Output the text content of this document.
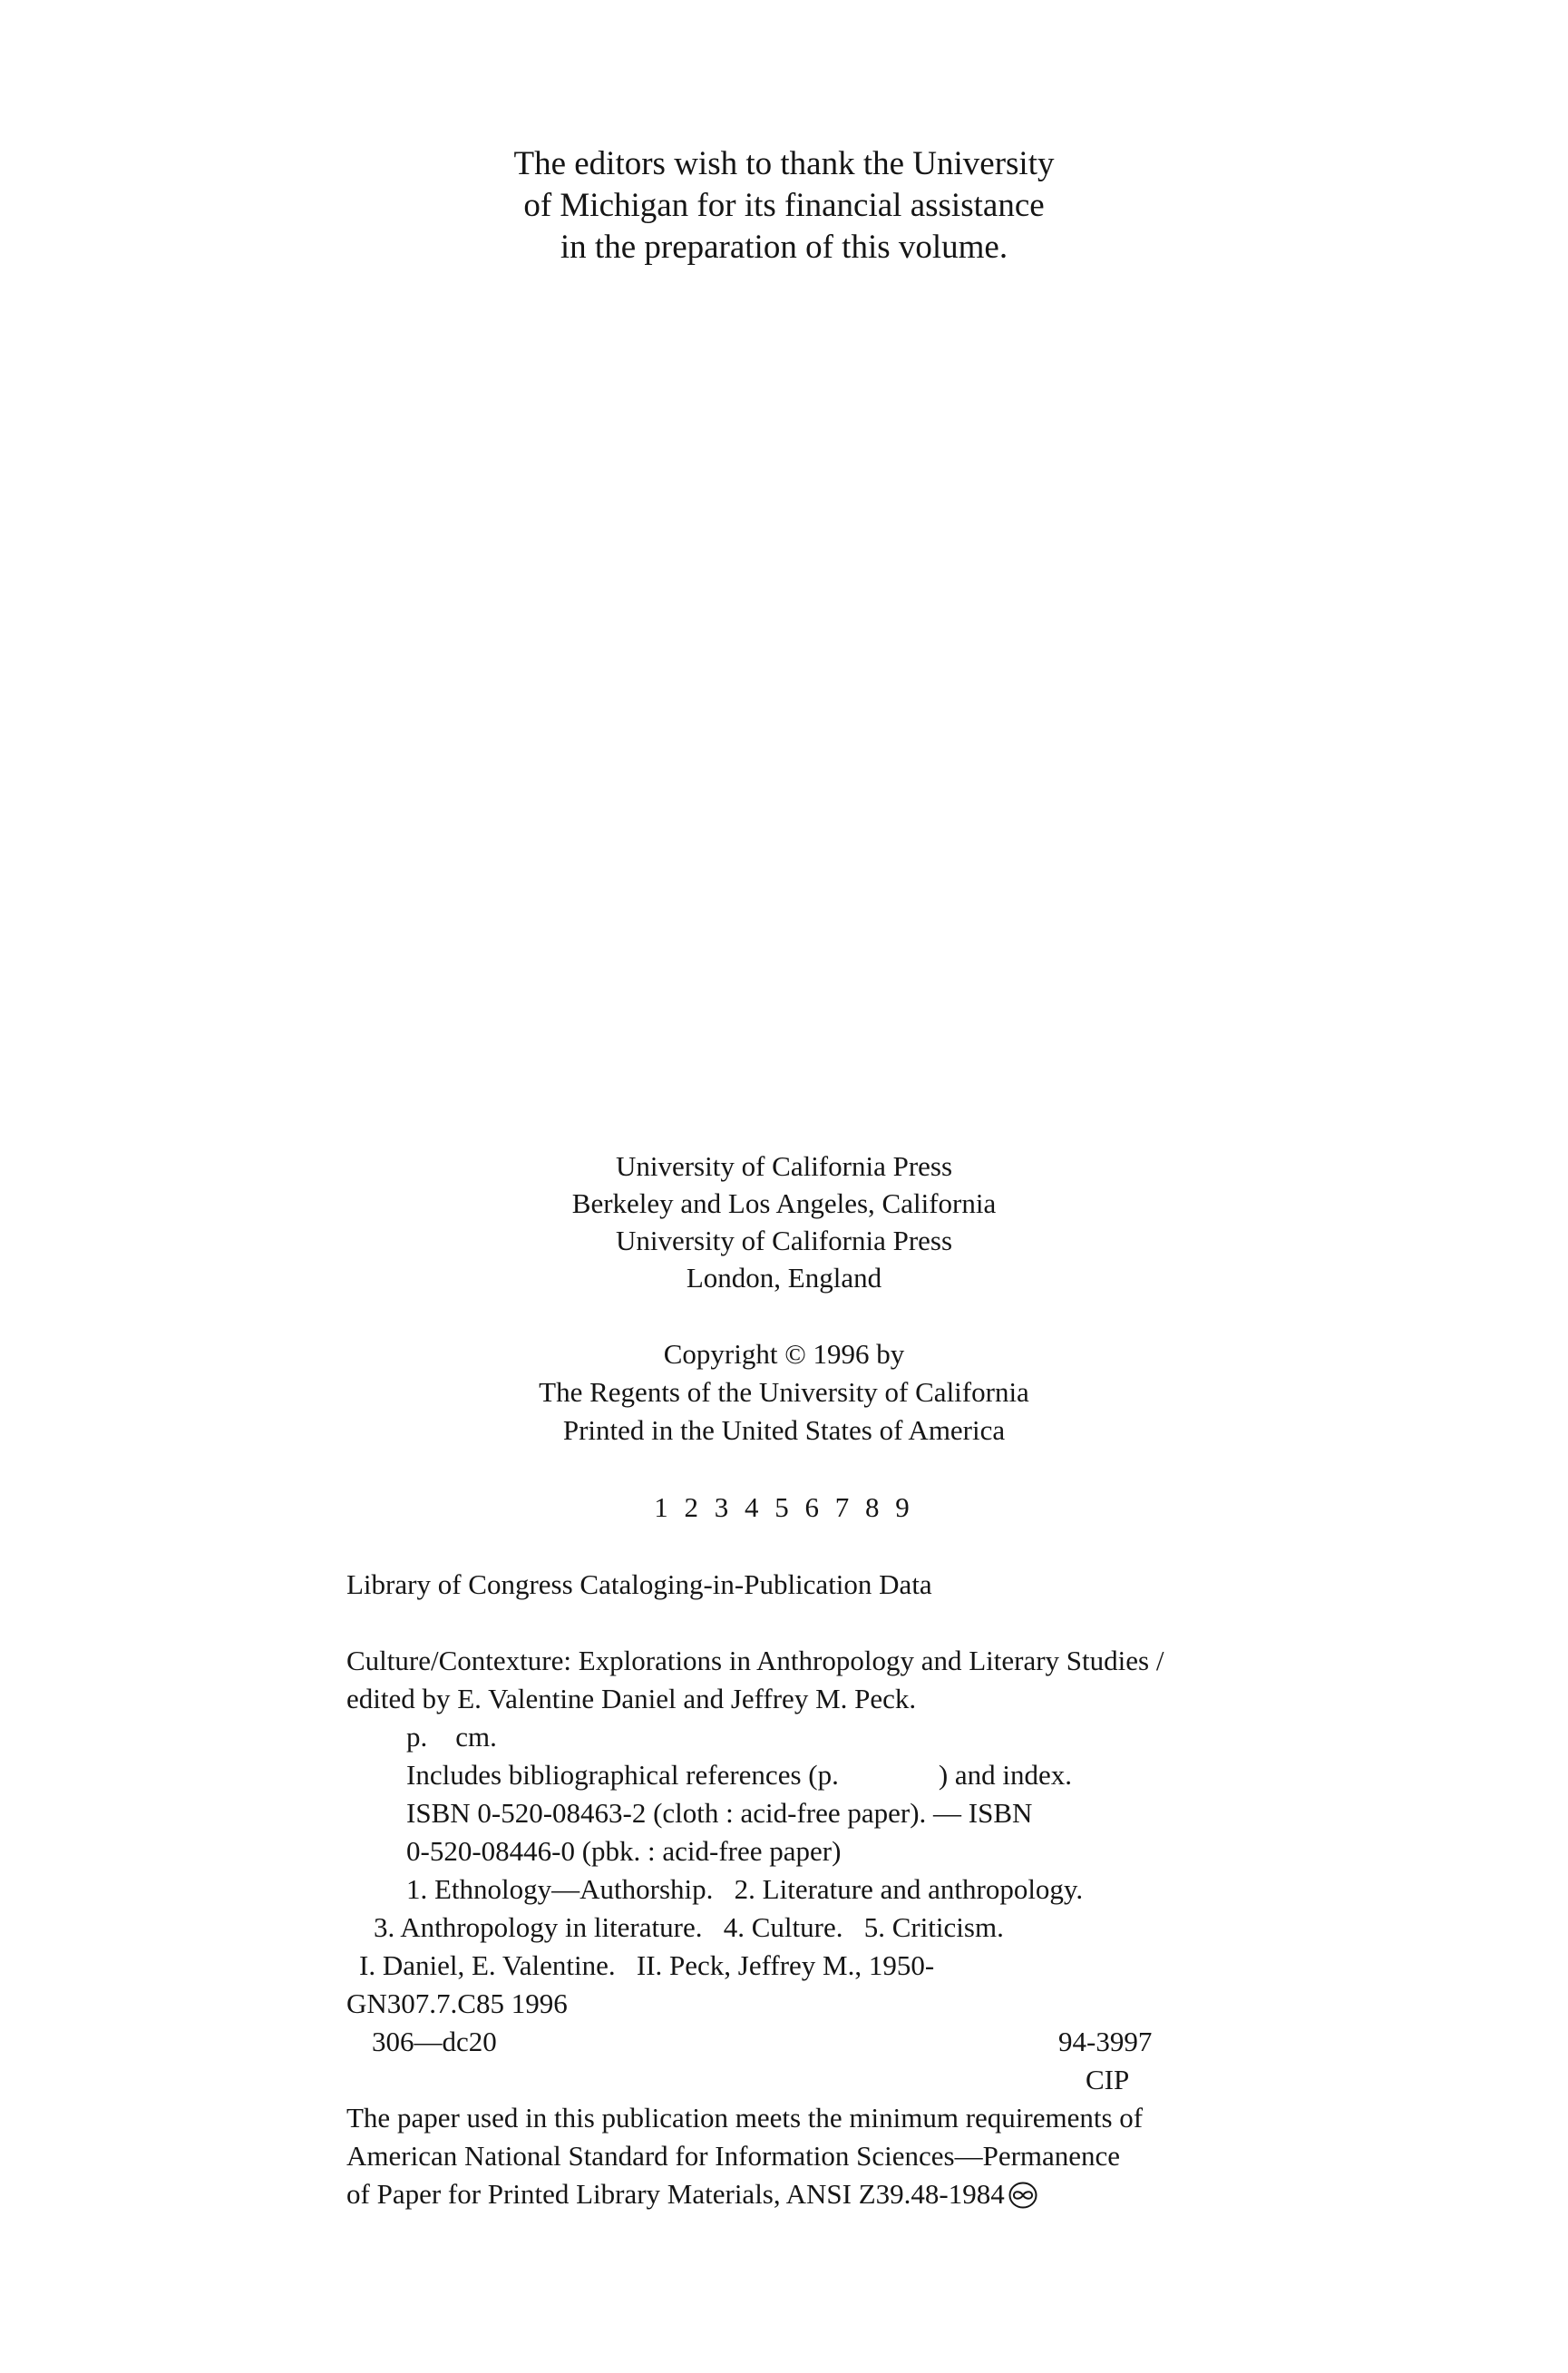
The editors wish to thank the University
of Michigan for its financial assistance
in the preparation of this volume.
University of California Press
Berkeley and Los Angeles, California
University of California Press
London, England
Copyright © 1996 by
The Regents of the University of California
Printed in the United States of America
1 2 3 4 5 6 7 8 9
Library of Congress Cataloging-in-Publication Data
Culture/Contexture: Explorations in Anthropology and Literary Studies /
edited by E. Valentine Daniel and Jeffrey M. Peck.
p.    cm.
Includes bibliographical references (p.	) and index.
ISBN 0-520-08463-2 (cloth : acid-free paper). — ISBN
0-520-08446-0 (pbk. : acid-free paper)
1. Ethnology—Authorship.   2. Literature and anthropology.
3. Anthropology in literature.   4. Culture.   5. Criticism.
I. Daniel, E. Valentine.   II. Peck, Jeffrey M., 1950-
GN307.7.C85 1996
306—dc20	94-3997
CIP
The paper used in this publication meets the minimum requirements of
American National Standard for Information Sciences—Permanence
of Paper for Printed Library Materials, ANSI Z39.48-1984
